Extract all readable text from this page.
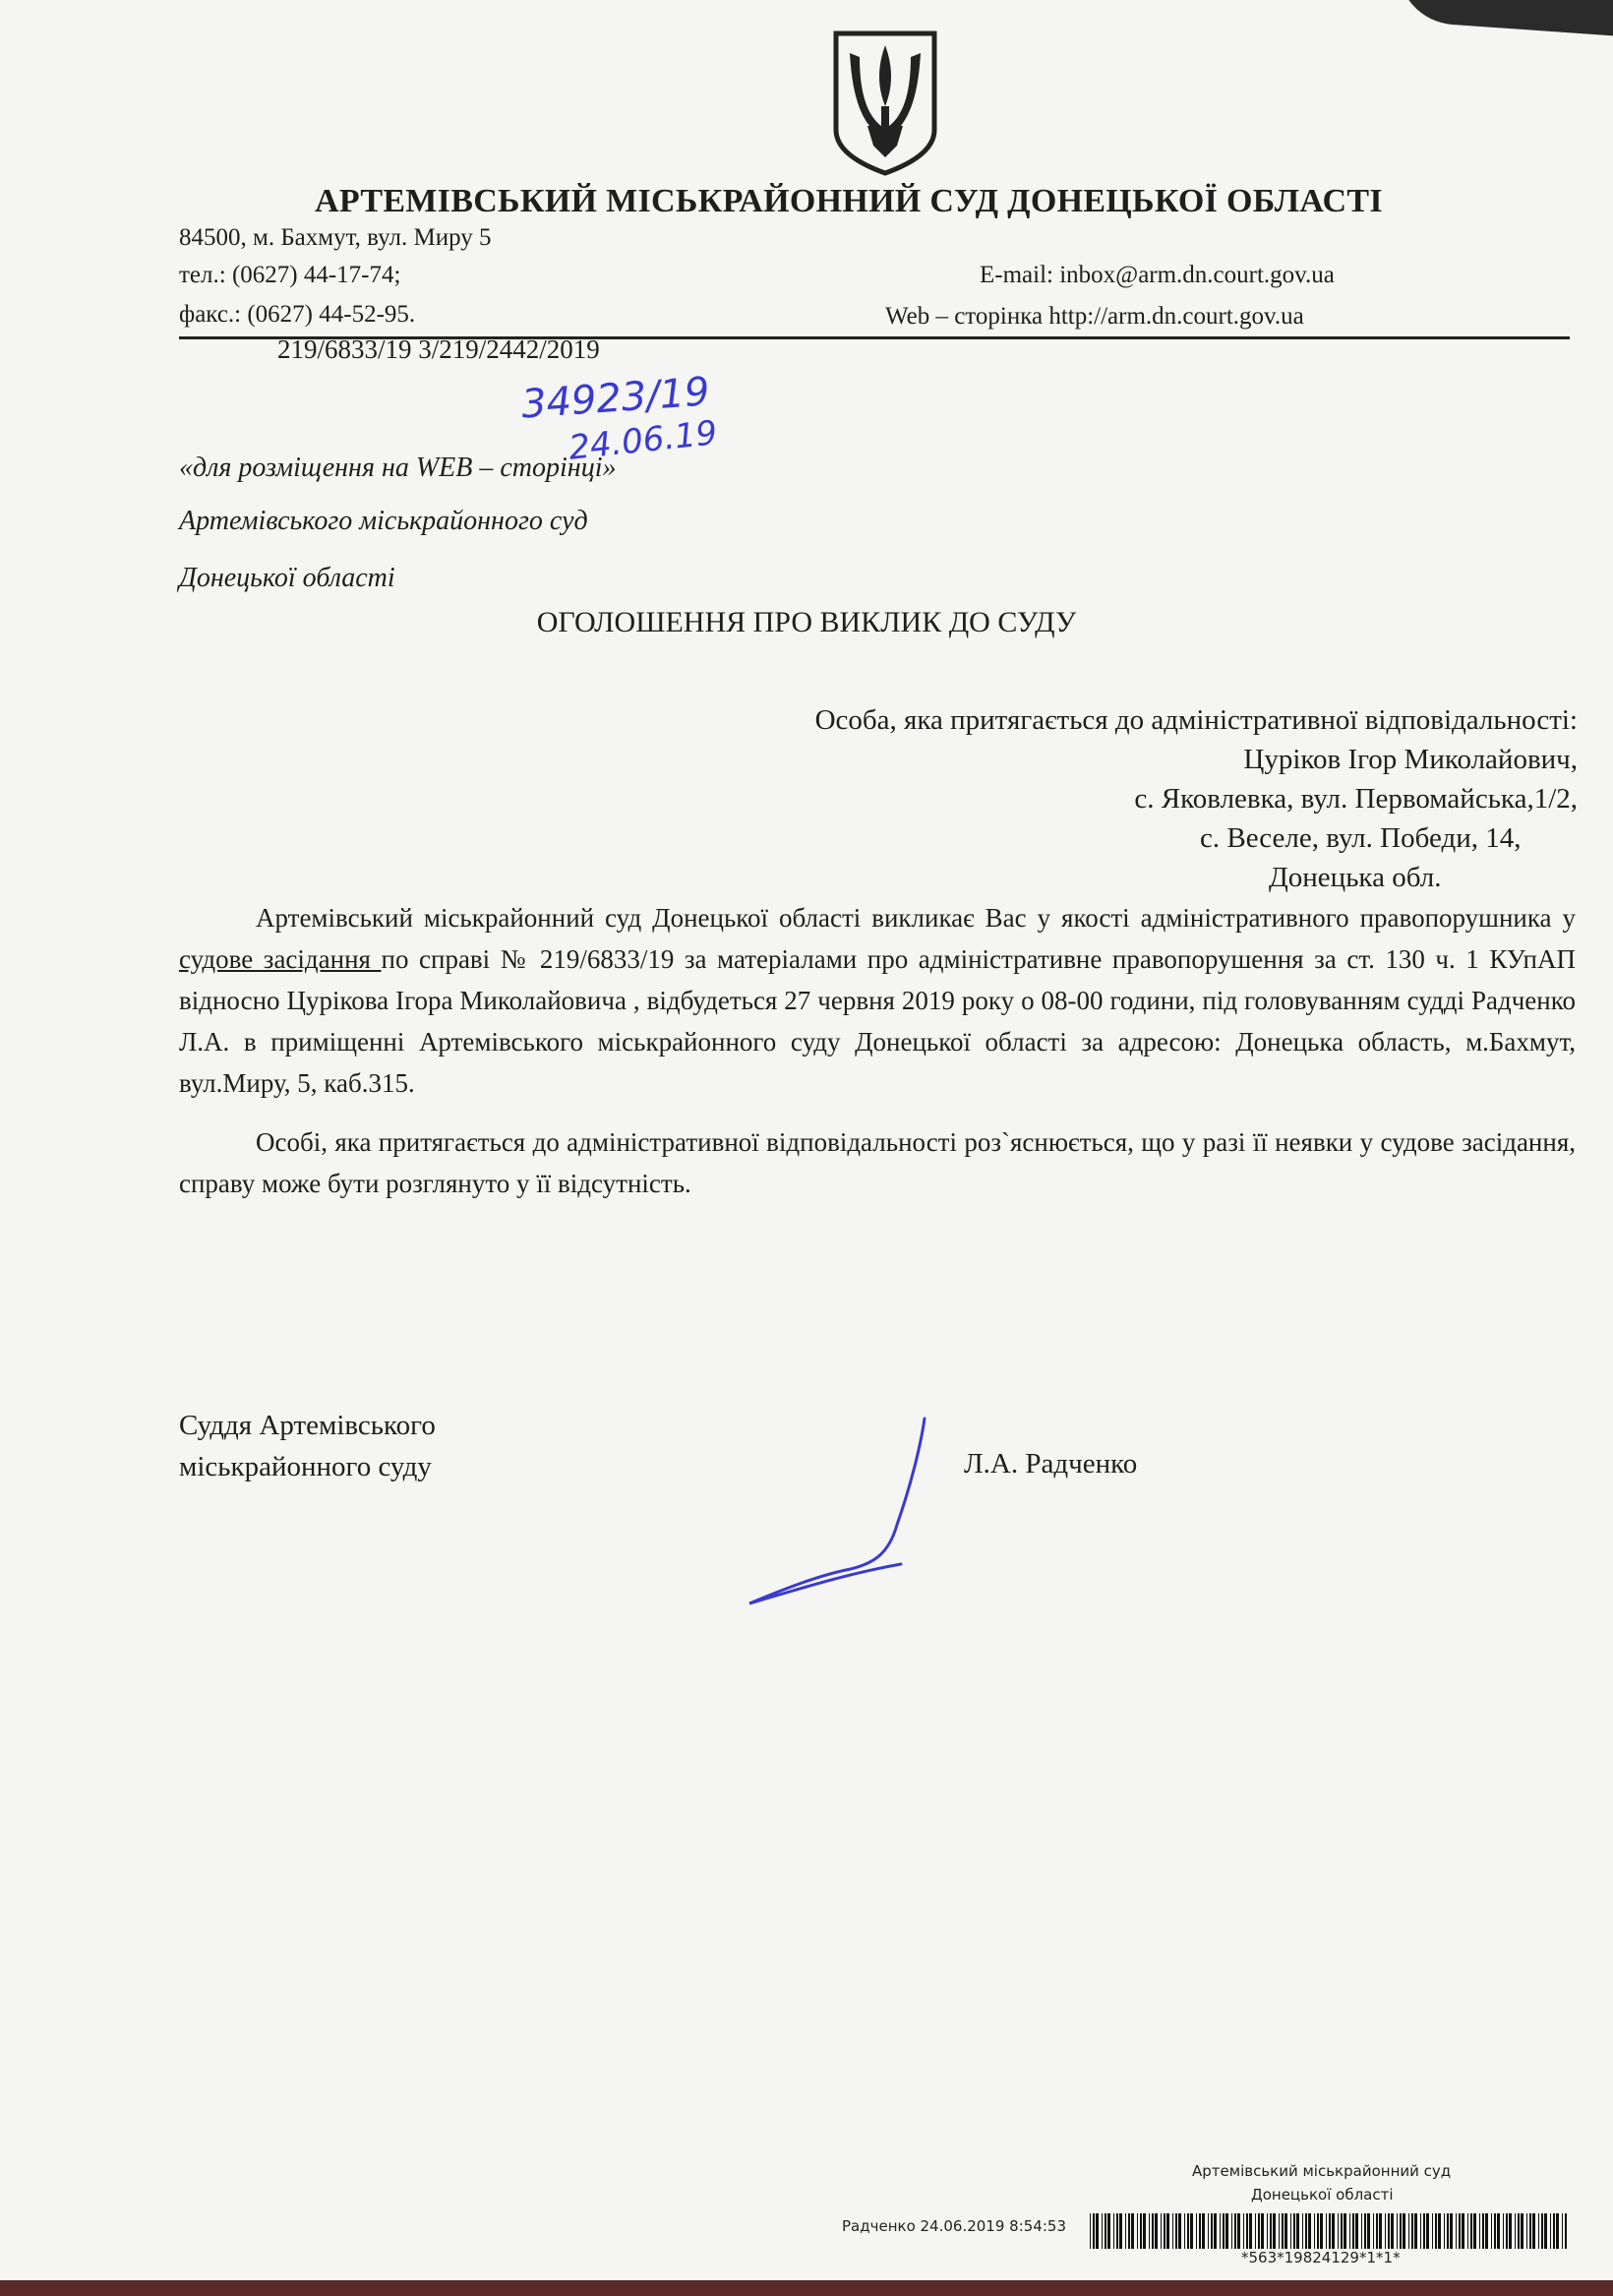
АРТЕМІВСЬКИЙ МІСЬКРАЙОННИЙ СУД ДОНЕЦЬКОЇ ОБЛАСТІ
84500, м. Бахмут, вул. Миру 5
тел.: (0627) 44-17-74;
факс.: (0627) 44-52-95.
E-mail: inbox@arm.dn.court.gov.ua
Web – сторінка http://arm.dn.court.gov.ua
219/6833/19 3/219/2442/2019
34923/19
24.06.19
«для розміщення на WEB – сторінці»
Артемівського міськрайонного суд
Донецької області
ОГОЛОШЕННЯ ПРО ВИКЛИК ДО СУДУ
Особа, яка притягається до адміністративної відповідальності:
Цуріков Ігор Миколайович,
с. Яковлевка, вул. Первомайська,1/2,
с. Веселе, вул. Победи, 14,
Донецька обл.
Артемівський міськрайонний суд Донецької області викликає Вас у якості адміністративного правопорушника у судове засідання по справі № 219/6833/19 за матеріалами про адміністративне правопорушення за ст. 130 ч. 1 КУпАП відносно Цурікова Ігора Миколайовича , відбудеться 27 червня 2019 року о 08-00 години, під головуванням судді Радченко Л.А. в приміщенні Артемівського міськрайонного суду Донецької області за адресою: Донецька область, м.Бахмут, вул.Миру, 5, каб.315.
Особі, яка притягається до адміністративної відповідальності роз`яснюється, що у разі її неявки у судове засідання, справу може бути розглянуто у її відсутність.
Суддя Артемівського
міськрайонного суду	Л.А. Радченко
Артемівський міськрайонний суд
Донецької області
Радченко 24.06.2019 8:54:53
*563*19824129*1*1*
